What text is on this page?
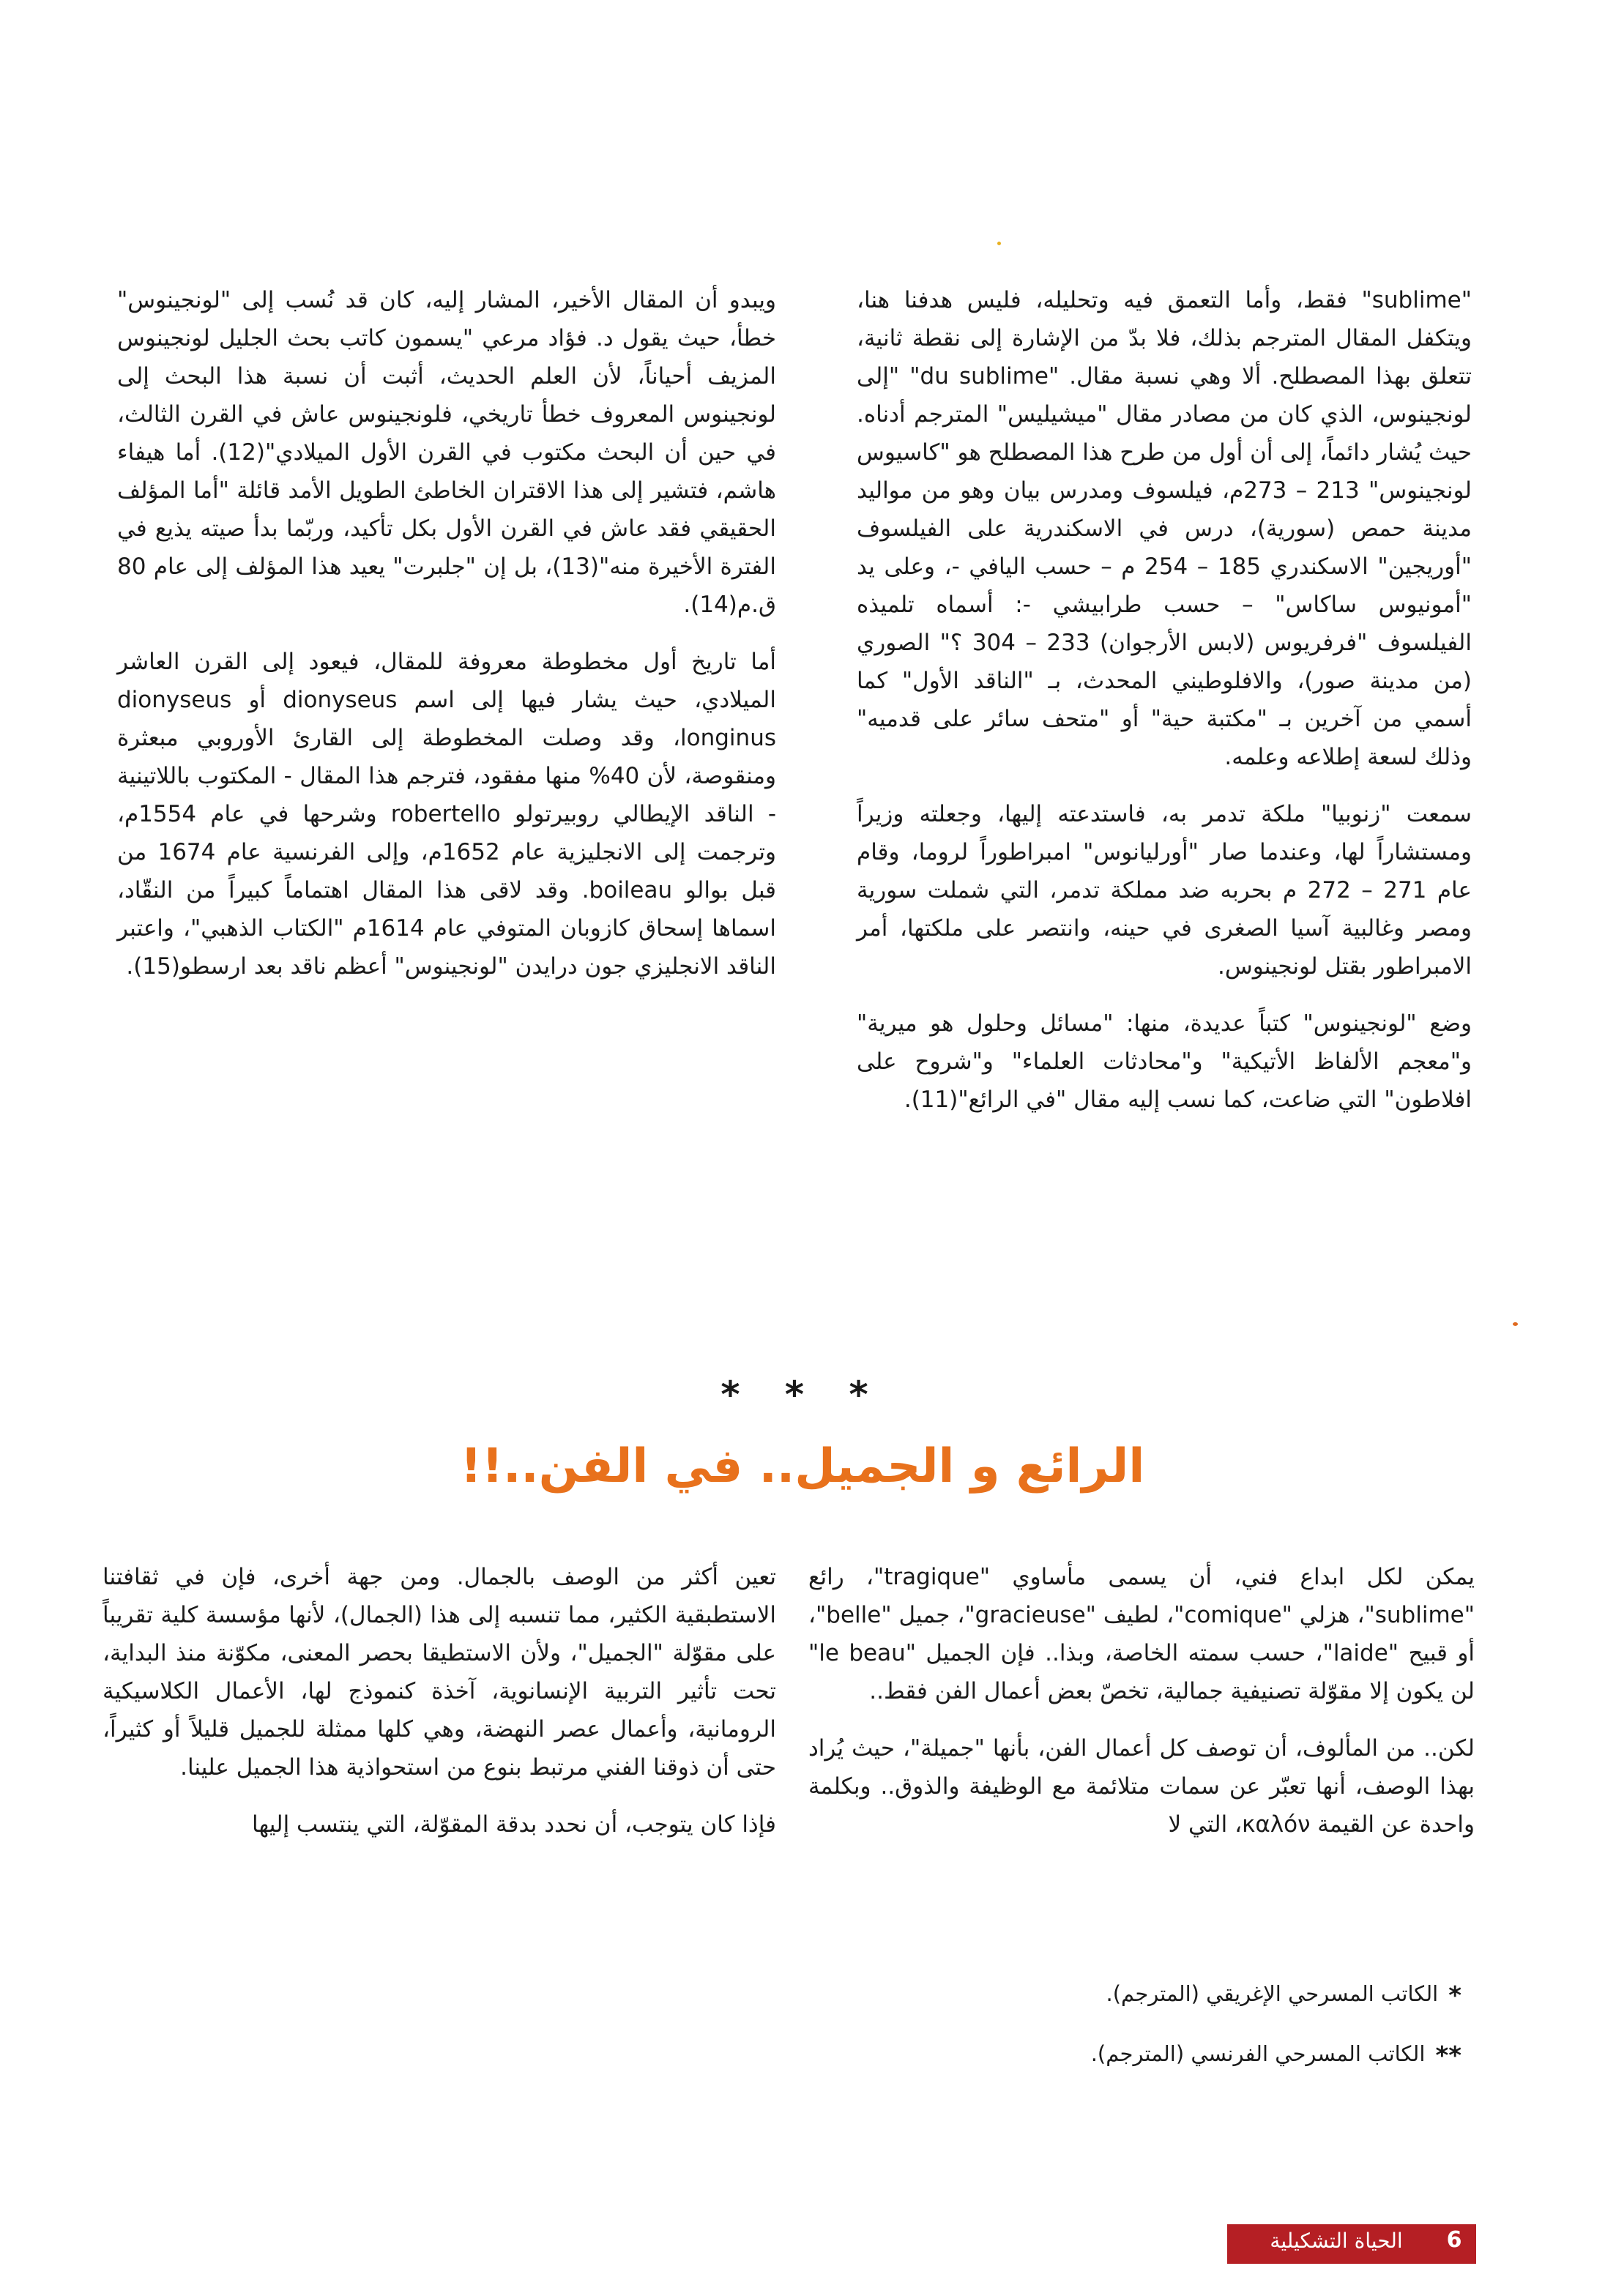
"sublime" فقط، وأما التعمق فيه وتحليله، فليس هدفنا هنا، ويتكفل المقال المترجم بذلك، فلا بدّ من الإشارة إلى نقطة ثانية، تتعلق بهذا المصطلح. ألا وهي نسبة مقال. "du sublime" "إلى لونجينوس، الذي كان من مصادر مقال "ميشيليس" المترجم أدناه. حيث يُشار دائماً، إلى أن أول من طرح هذا المصطلح هو "كاسيوس لونجينوس" 213 – 273م، فيلسوف ومدرس بيان وهو من مواليد مدينة حمص (سورية)، درس في الاسكندرية على الفيلسوف "أوريجين" الاسكندري 185 – 254 م – حسب اليافي -، وعلى يد "أمونيوس ساكاس" – حسب طرابيشي -: أسماه تلميذه الفيلسوف "فرفريوس (لابس الأرجوان) 233 – 304 ؟" الصوري (من مدينة صور)، والافلوطيني المحدث، بـ "الناقد الأول" كما أسمي من آخرين بـ "مكتبة حية" أو "متحف سائر على قدميه" وذلك لسعة إطلاعه وعلمه.

سمعت "زنوبيا" ملكة تدمر به، فاستدعته إليها، وجعلته وزيراً ومستشاراً لها، وعندما صار "أورليانوس" امبراطوراً لروما، وقام عام 271 – 272 م بحربه ضد مملكة تدمر، التي شملت سورية ومصر وغالبية آسيا الصغرى في حينه، وانتصر على ملكتها، أمر الامبراطور بقتل لونجينوس.

وضع "لونجينوس" كتباً عديدة، منها: "مسائل وحلول هو ميرية" و"معجم الألفاظ الأتيكية" و"محادثات العلماء" و"شروح على افلاطون" التي ضاعت، كما نسب إليه مقال "في الرائع"(11).

ويبدو أن المقال الأخير، المشار إليه، كان قد نُسب إلى "لونجينوس" خطأ، حيث يقول د. فؤاد مرعي "يسمون كاتب بحث الجليل لونجينوس المزيف أحياناً، لأن العلم الحديث، أثبت أن نسبة هذا البحث إلى لونجينوس المعروف خطأ تاريخي، فلونجينوس عاش في القرن الثالث، في حين أن البحث مكتوب في القرن الأول الميلادي"(12). أما هيفاء هاشم، فتشير إلى هذا الاقتران الخاطئ الطويل الأمد قائلة "أما المؤلف الحقيقي فقد عاش في القرن الأول بكل تأكيد، وربّما بدأ صيته يذيع في الفترة الأخيرة منه"(13)، بل إن "جلبرت" يعيد هذا المؤلف إلى عام 80 ق.م(14).

أما تاريخ أول مخطوطة معروفة للمقال، فيعود إلى القرن العاشر الميلادي، حيث يشار فيها إلى اسم dionyseus أو dionyseus longinus، وقد وصلت المخطوطة إلى القارئ الأوروبي مبعثرة ومنقوصة، لأن 40% منها مفقود، فترجم هذا المقال - المكتوب باللاتينية - الناقد الإيطالي روبيرتولو robertello وشرحها في عام 1554م، وترجمت إلى الانجليزية عام 1652م، وإلى الفرنسية عام 1674 من قبل بوالو boileau. وقد لاقى هذا المقال اهتماماً كبيراً من النقّاد، اسماها إسحاق كازوبان المتوفي عام 1614م "الكتاب الذهبي"، واعتبر الناقد الانجليزي جون درايدن "لونجينوس" أعظم ناقد بعد ارسطو(15).

* * *
الرائع و الجميل.. في الفن..!!

يمكن لكل ابداع فني، أن يسمى مأساوي "tragique"، رائع "sublime"، هزلي "comique"، لطيف "gracieuse"، جميل "belle"، أو قبيح "laide"، حسب سمته الخاصة، وبذا.. فإن الجميل "le beau" لن يكون إلا مقوّلة تصنيفية جمالية، تخصّ بعض أعمال الفن فقط..

لكن.. من المألوف، أن توصف كل أعمال الفن، بأنها "جميلة"، حيث يُراد بهذا الوصف، أنها تعبّر عن سمات متلائمة مع الوظيفة والذوق.. وبكلمة واحدة عن القيمة καλόν، التي لا

تعين أكثر من الوصف بالجمال. ومن جهة أخرى، فإن في ثقافتنا الاستطبقية الكثير، مما تنسبه إلى هذا (الجمال)، لأنها مؤسسة كلية تقريباً على مقوّلة "الجميل"، ولأن الاستطيقا بحصر المعنى، مكوّنة منذ البداية، تحت تأثير التربية الإنسانوية، آخذة كنموذج لها، الأعمال الكلاسيكية الرومانية، وأعمال عصر النهضة، وهي كلها ممثلة للجميل قليلاً أو كثيراً، حتى أن ذوقنا الفني مرتبط بنوع من استحواذية هذا الجميل علينا.

فإذا كان يتوجب، أن نحدد بدقة المقوّلة، التي ينتسب إليها

*الكاتب المسرحي الإغريقي (المترجم).
**الكاتب المسرحي الفرنسي (المترجم).
الحياة التشكيلية	6
